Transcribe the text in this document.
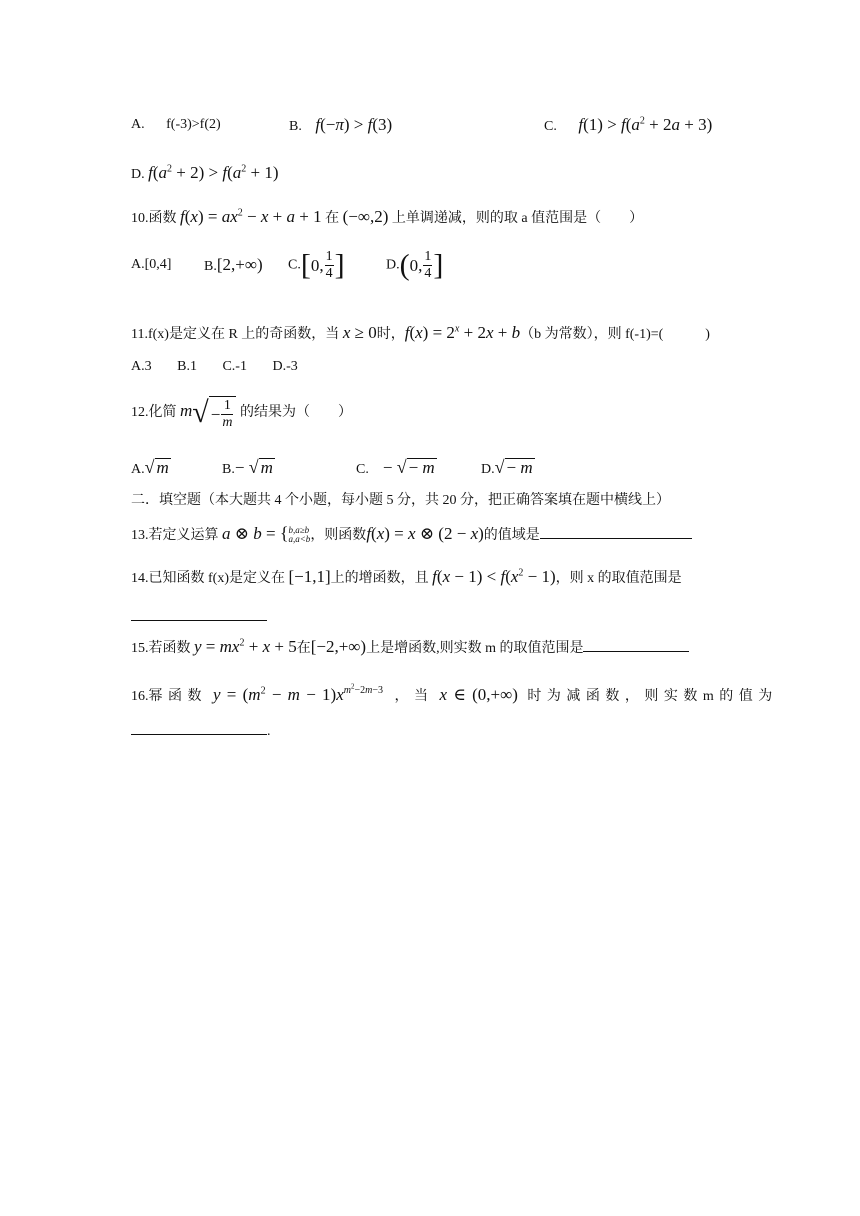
A. f(-3)>f(2)	B. f(−π) > f(3)	C. $f(1) > f(a^2 + 2a + 3)$
D. $f(a^2 + 2) > f(a^2 + 1)$
10.函数 $f(x) = ax^2 - x + a + 1$ 在 (−∞,2) 上单调递减，则的取 a 值范围是（　　）
A.[0,4] B.[2,+∞) C.[0, $\frac{1}{4}$ ]	D.(0, $\frac{1}{4}$ ]
11.f(x)是定义在 R 上的奇函数，当 x ≥ 0时，$f(x) = 2^x + 2x + b(b$ 为常数），则 f(-1)=(　　　)
A.3 B.1 C.-1 D.-3
12.化简 $m√ - \frac{1}{m}$ 的结果为（　　）
A.√ m	B.− √ m	C. − √ − m	D.√ − m
二．填空题（本大题共 4 个小题，每小题 5 分，共 20 分，把正确答案填在题中横线上）
13.若定义运算 a ⊗ b = { b,a≥b
a,a<b ，则函数f(x) = x ⊗ (2 − x)的值域是
14.已知函数 f(x)是定义在 [−1,1]上的增函数，且 $f(x - 1) < f(x^2 - 1)$，则 x 的取值范围是
15.若函数 $y = mx^2 + x + 5$在[−2,+∞)上是增函数,则实数 m 的取值范围是
16.幂 函 数 $y = (m^2 - m - 1)x^{m^2-2m-3}$ ， 当 x ∈ (0,+∞) 时 为 减 函 数 ， 则 实 数 m 的 值 为
.
